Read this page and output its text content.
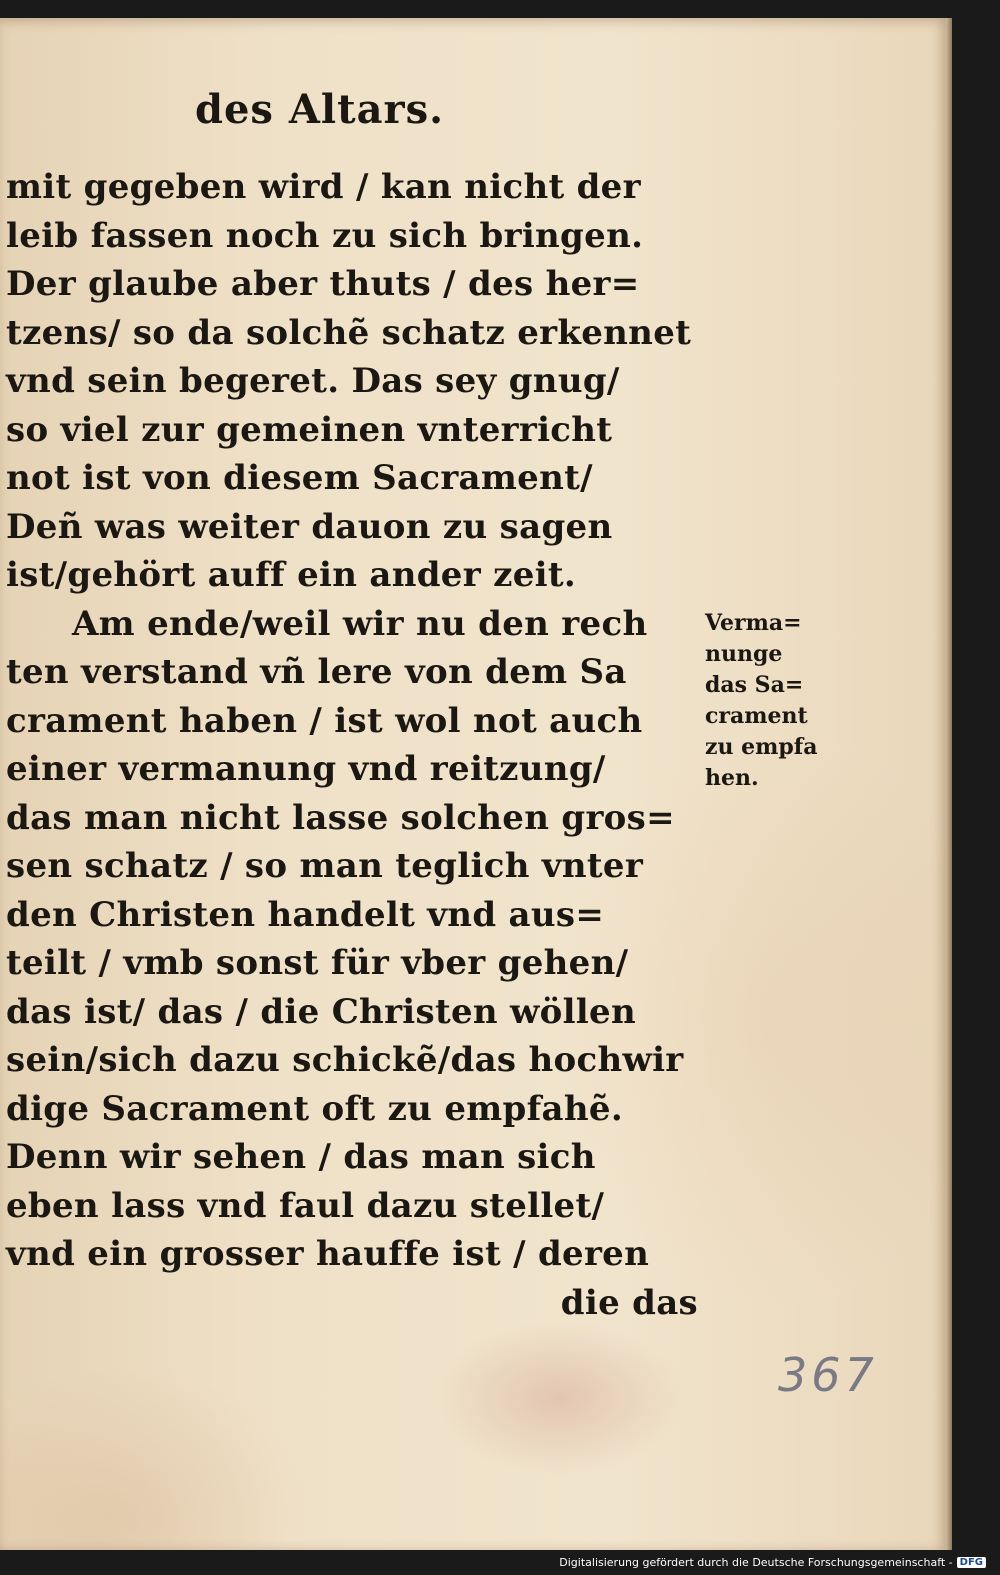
des Altars.
mit gegeben wird / kan nicht der
leib fassen noch zu sich bringen.
Der glaube aber thuts / des her=
tzens/ so da solchẽ schatz erkennet
vnd sein begeret. Das sey gnug/
so viel zur gemeinen vnterricht
not ist von diesem Sacrament/
Deñ was weiter dauon zu sagen
ist/gehört auff ein ander zeit.
Am ende/weil wir nu den rech
ten verstand vñ lere von dem Sa
crament haben / ist wol not auch
einer vermanung vnd reitzung/
das man nicht lasse solchen gros=
sen schatz / so man teglich vnter
den Christen handelt vnd aus=
teilt / vmb sonst für vber gehen/
das ist/ das / die Christen wöllen
sein/sich dazu schickẽ/das hochwir
dige Sacrament oft zu empfahẽ.
Denn wir sehen / das man sich
eben lass vnd faul dazu stellet/
vnd ein grosser hauffe ist / deren
die das
Verma=
nunge
das Sa=
crament
zu empfa
hen.
367
Digitalisierung gefördert durch die Deutsche Forschungsgemeinschaft - DFG
